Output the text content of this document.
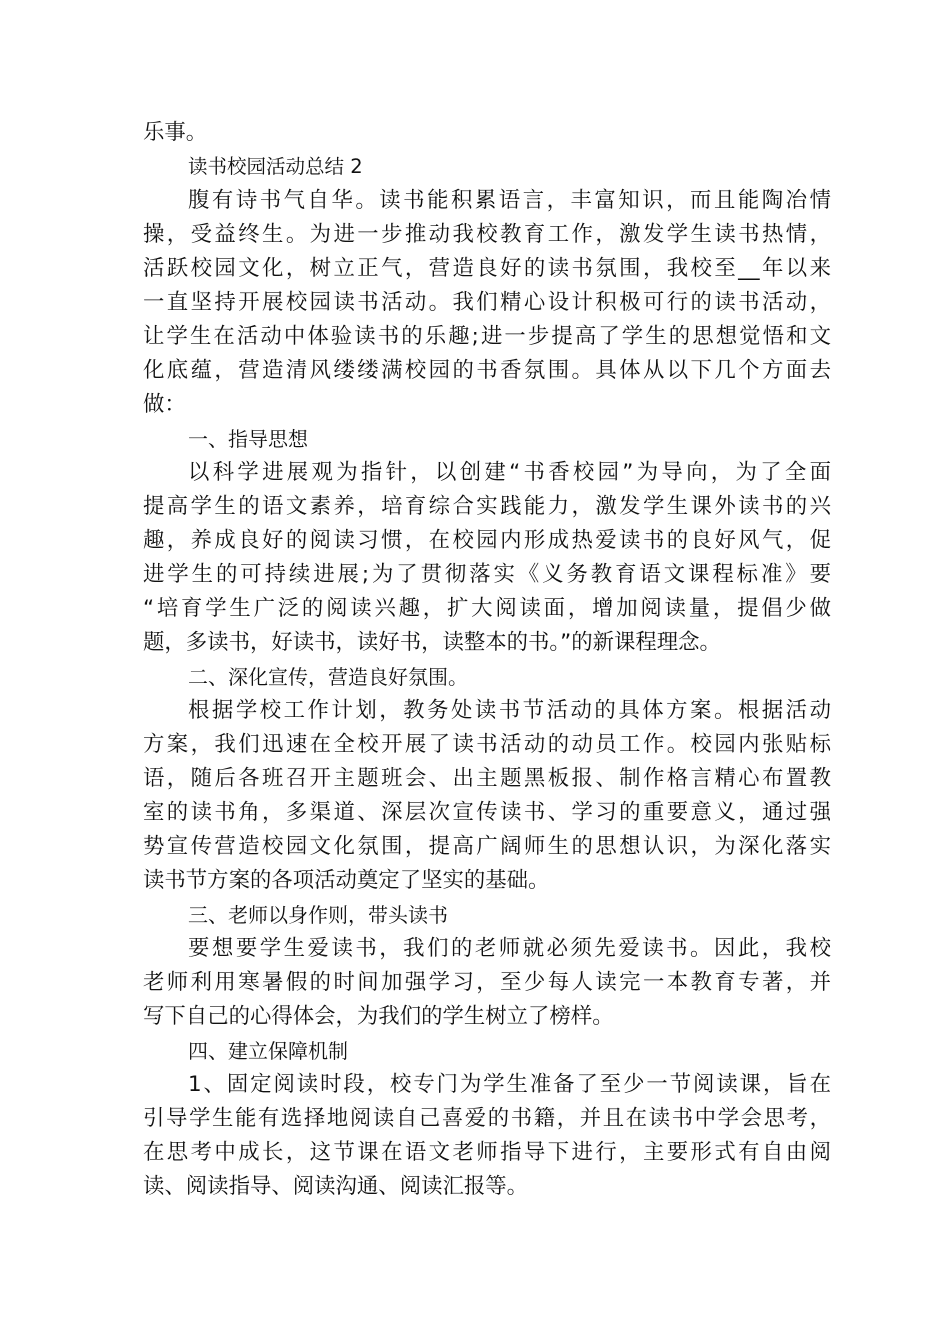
乐事。
读书校园活动总结 2
腹有诗书气自华。读书能积累语言，丰富知识，而且能陶冶情
操，受益终生。为进一步推动我校教育工作，激发学生读书热情，
活跃校园文化，树立正气，营造良好的读书氛围，我校至__年以来
一直坚持开展校园读书活动。我们精心设计积极可行的读书活动，
让学生在活动中体验读书的乐趣;进一步提高了学生的思想觉悟和文
化底蕴，营造清风缕缕满校园的书香氛围。具体从以下几个方面去
做：
一、指导思想
以科学进展观为指针，以创建“书香校园”为导向，为了全面
提高学生的语文素养，培育综合实践能力，激发学生课外读书的兴
趣，养成良好的阅读习惯，在校园内形成热爱读书的良好风气，促
进学生的可持续进展;为了贯彻落实《义务教育语文课程标准》要
“培育学生广泛的阅读兴趣，扩大阅读面，增加阅读量，提倡少做
题，多读书，好读书，读好书，读整本的书。”的新课程理念。
二、深化宣传，营造良好氛围。
根据学校工作计划，教务处读书节活动的具体方案。根据活动
方案，我们迅速在全校开展了读书活动的动员工作。校园内张贴标
语，随后各班召开主题班会、出主题黑板报、制作格言精心布置教
室的读书角，多渠道、深层次宣传读书、学习的重要意义，通过强
势宣传营造校园文化氛围，提高广阔师生的思想认识，为深化落实
读书节方案的各项活动奠定了坚实的基础。
三、老师以身作则，带头读书
要想要学生爱读书，我们的老师就必须先爱读书。因此，我校
老师利用寒暑假的时间加强学习，至少每人读完一本教育专著，并
写下自己的心得体会，为我们的学生树立了榜样。
四、建立保障机制
1、固定阅读时段，校专门为学生准备了至少一节阅读课，旨在
引导学生能有选择地阅读自己喜爱的书籍，并且在读书中学会思考，
在思考中成长，这节课在语文老师指导下进行，主要形式有自由阅
读、阅读指导、阅读沟通、阅读汇报等。
